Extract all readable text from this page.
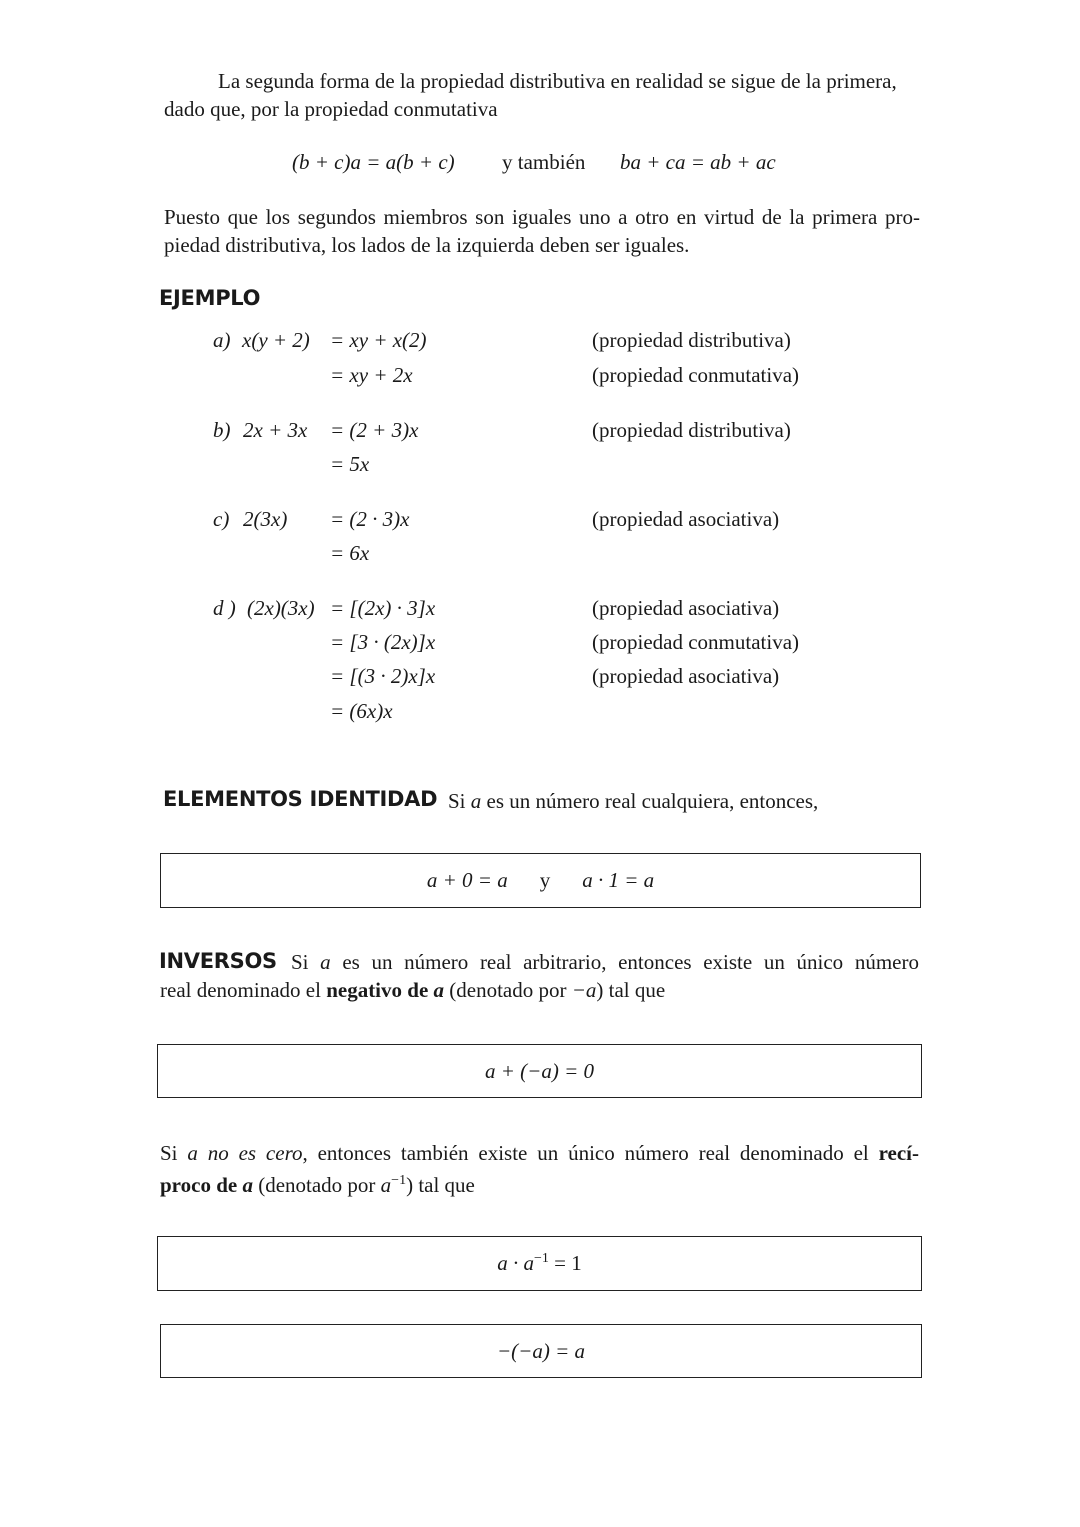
La segunda forma de la propiedad distributiva en realidad se sigue de la primera,

dado que, por la propiedad conmutativa

(b + c)a = a(b + c) y también ba + ca = ab + ac

Puesto que los segundos miembros son iguales uno a otro en virtud de la primera pro-

piedad distributiva, los lados de la izquierda deben ser iguales.

EJEMPLO
a) x(y + 2) = xy + x(2)
= xy + 2x
(propiedad distributiva)
(propiedad conmutativa)
b) 2x + 3x = (2 + 3)x
= 5x
(propiedad distributiva)
c) 2(3x) = (2 · 3)x
= 6x
(propiedad asociativa)
d ) (2x)(3x) = [(2x) · 3]x
= [3 · (2x)]x
= [(3 · 2)x]x
= (6x)x
(propiedad asociativa)
(propiedad conmutativa)
(propiedad asociativa)
ELEMENTOS IDENTIDAD Si a es un número real cualquiera, entonces,
a + 0 = a y a · 1 = a
INVERSOS Si a es un número real arbitrario, entonces existe un único número
real denominado el negativo de a (denotado por −a) tal que
a + (−a) = 0
Si a no es cero, entonces también existe un único número real denominado el recí-
proco de a (denotado por $a^{-1}$) tal que
$a \cdot a^{-1} = 1$
−(−a) = a
